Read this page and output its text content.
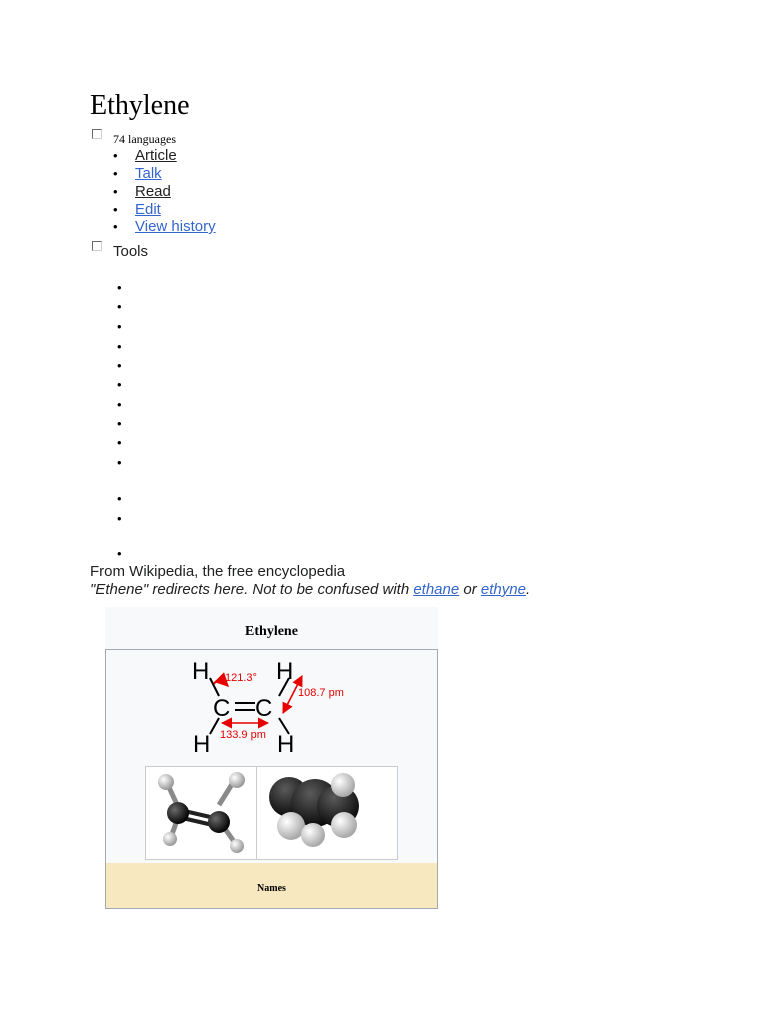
Ethylene
74 languages
• Article
• Talk
• Read
• Edit
• View history
Tools
•
•
•
•
•
•
•
•
•
•
•
•
•
From Wikipedia, the free encyclopedia
"Ethene" redirects here. Not to be confused with ethane or ethyne.
Ethylene
H	H
C C
H	H
121.3°
108.7 pm
133.9 pm
Names
